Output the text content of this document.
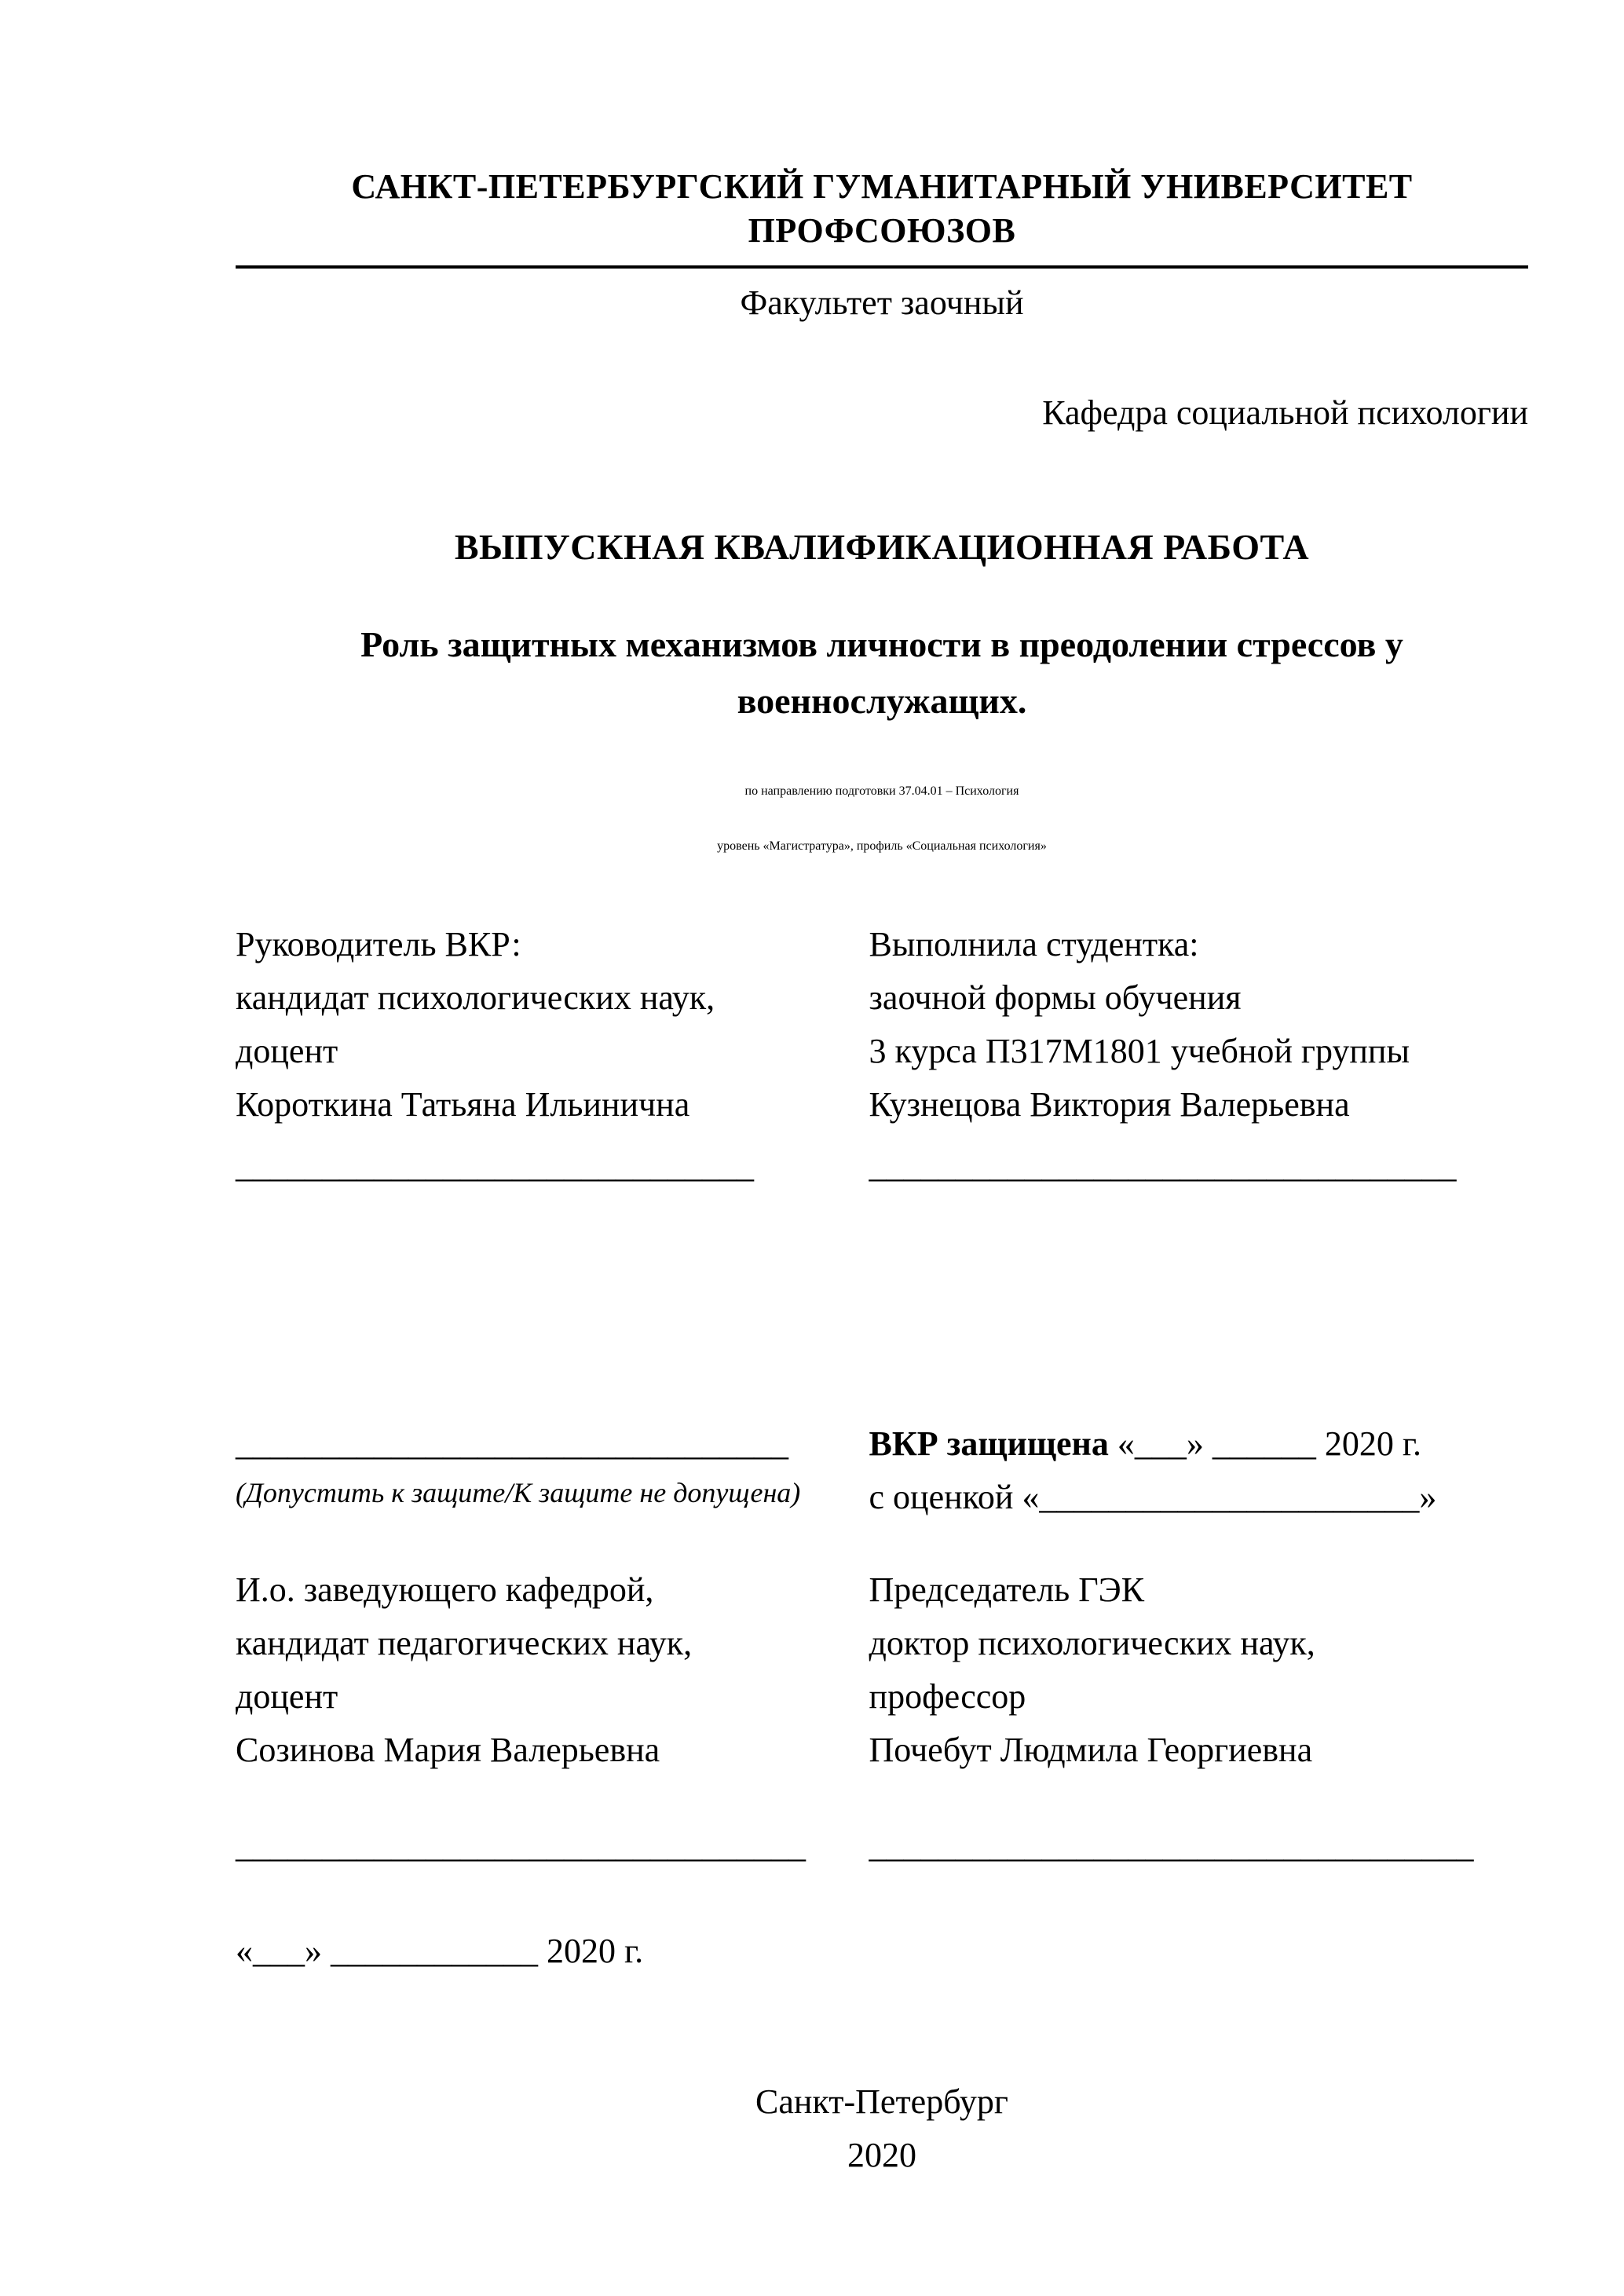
САНКТ-ПЕТЕРБУРГСКИЙ ГУМАНИТАРНЫЙ УНИВЕРСИТЕТ ПРОФСОЮЗОВ
Факультет заочный
Кафедра социальной психологии
ВЫПУСКНАЯ КВАЛИФИКАЦИОННАЯ РАБОТА
Роль защитных механизмов личности в преодолении стрессов у
военнослужащих.
по направлению подготовки 37.04.01 – Психология
уровень «Магистратура», профиль «Социальная психология»
Руководитель ВКР:
кандидат психологических наук,
доцент
Короткина Татьяна Ильинична
______________________________
Выполнила студентка:
заочной формы обучения
3 курса П317М1801 учебной группы
Кузнецова Виктория Валерьевна
__________________________________
________________________________
(Допустить к защите/К защите не допущена)
ВКР защищена «___» ______ 2020 г.
с оценкой «______________________»
И.о. заведующего кафедрой,
кандидат педагогических наук,
доцент
Созинова Мария Валерьевна
Председатель ГЭК
доктор психологических наук,
профессор
Почебут Людмила Георгиевна
_________________________________	___________________________________
«___» ____________ 2020 г.
Санкт-Петербург
2020
